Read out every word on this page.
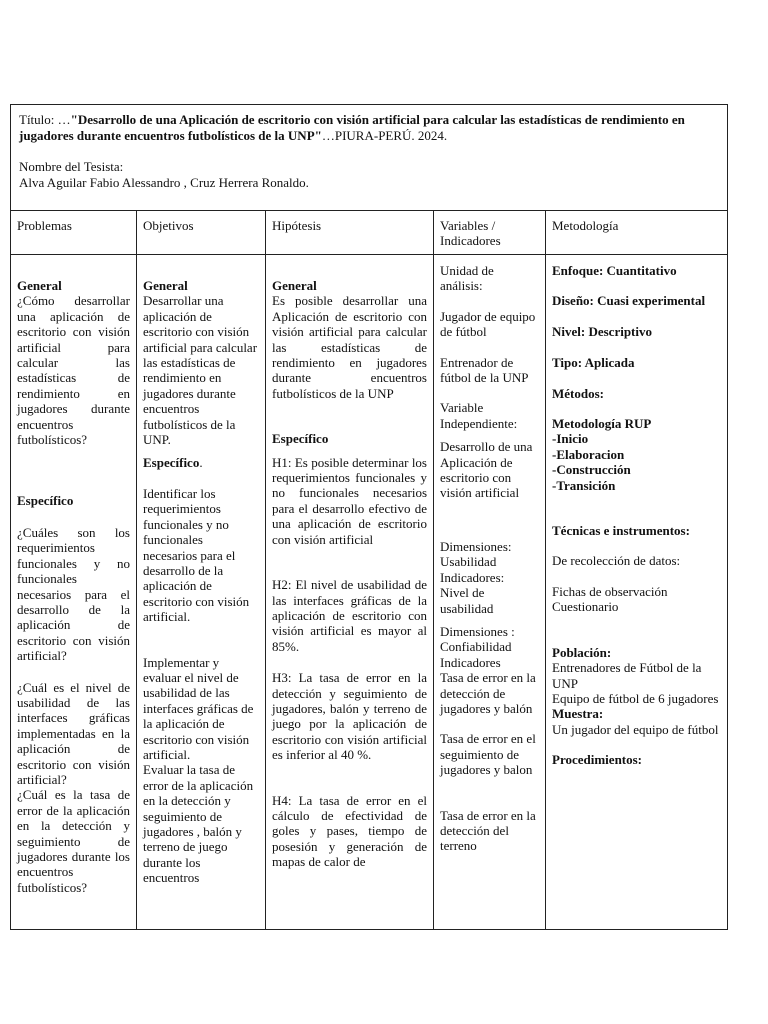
Título: …"Desarrollo de una Aplicación de escritorio con visión artificial para calcular las estadísticas de rendimiento en jugadores durante encuentros futbolísticos de la UNP"…PIURA-PERÚ. 2024.

Nombre del Tesista:

Alva Aguilar Fabio Alessandro , Cruz Herrera Ronaldo.

Problemas

General

¿Cómo desarrollar una aplicación de escritorio con visión artificial para calcular las estadísticas de rendimiento en jugadores durante encuentros futbolísticos?

Específico

¿Cuáles son los requerimientos funcionales y no funcionales necesarios para el desarrollo de la aplicación de escritorio con visión artificial?

¿Cuál es el nivel de usabilidad de las interfaces gráficas implementadas en la aplicación de escritorio con visión artificial?

¿Cuál es la tasa de error de la aplicación en la detección y seguimiento de jugadores durante los encuentros futbolísticos?

Objetivos

General

Desarrollar una aplicación de escritorio con visión artificial para calcular las estadísticas de rendimiento en jugadores durante encuentros futbolísticos de la UNP.

Específico.

Identificar los requerimientos funcionales y no funcionales necesarios para el desarrollo de la aplicación de escritorio con visión artificial.

Implementar y evaluar el nivel de usabilidad de las interfaces gráficas de la aplicación de escritorio con visión artificial.

Evaluar la tasa de error de la aplicación en la detección y seguimiento de jugadores , balón y terreno de juego durante los encuentros

Hipótesis

General

Es posible desarrollar una Aplicación de escritorio con visión artificial para calcular las estadísticas de rendimiento en jugadores durante encuentros futbolísticos de la UNP

Específico

H1: Es posible determinar los requerimientos funcionales y no funcionales necesarios para el desarrollo efectivo de una aplicación de escritorio con visión artificial

H2: El nivel de usabilidad de las interfaces gráficas de la aplicación de escritorio con visión artificial es mayor al 85%.

H3: La tasa de error en la detección y seguimiento de jugadores, balón y terreno de juego por la aplicación de escritorio con visión artificial es inferior al 40 %.

H4: La tasa de error en el cálculo de efectividad de goles y pases, tiempo de posesión y generación de mapas de calor de

Variables / Indicadores

Unidad de análisis:

Jugador de equipo de fútbol

Entrenador de fútbol de la UNP

Variable Independiente:

Desarrollo de una Aplicación de escritorio con visión artificial

Dimensiones: Usabilidad

Indicadores:

Nivel de usabilidad

Dimensiones : Confiabilidad

Indicadores

Tasa de error en la detección de jugadores y balón

Tasa de error en el seguimiento de jugadores y balon

Tasa de error en la detección del terreno

Metodología

Enfoque: Cuantitativo

Diseño: Cuasi experimental

Nivel: Descriptivo

Tipo: Aplicada

Métodos:

Metodología RUP

-Inicio

-Elaboracion

-Construcción

-Transición

Técnicas e instrumentos:

De recolección de datos:

Fichas de observación

Cuestionario

Población:

Entrenadores de Fútbol de la UNP

Equipo de fútbol de 6 jugadores

Muestra:

Un jugador del equipo de fútbol

Procedimientos:
